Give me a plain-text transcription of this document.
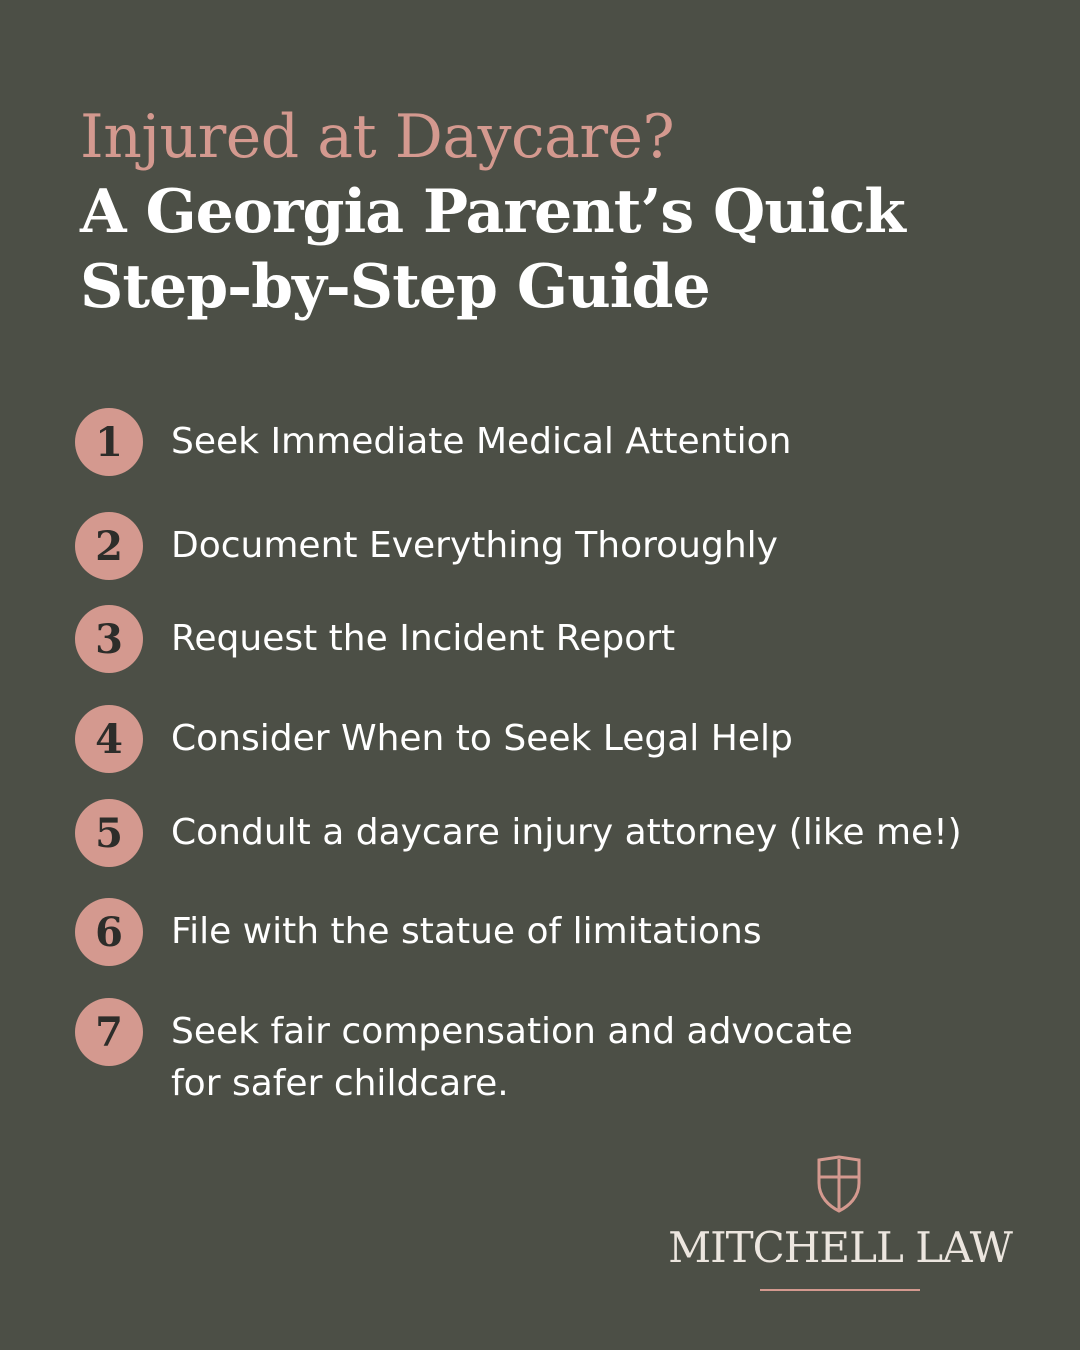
Injured at Daycare?
A Georgia Parent’s Quick
Step-by-Step Guide
1	Seek Immediate Medical Attention
2	Document Everything Thoroughly
3	Request the Incident Report
4	Consider When to Seek Legal Help
5	Condult a daycare injury attorney (like me!)
6	File with the statue of limitations
7	Seek fair compensation and advocate
for safer childcare.
MITCHELL LAW
